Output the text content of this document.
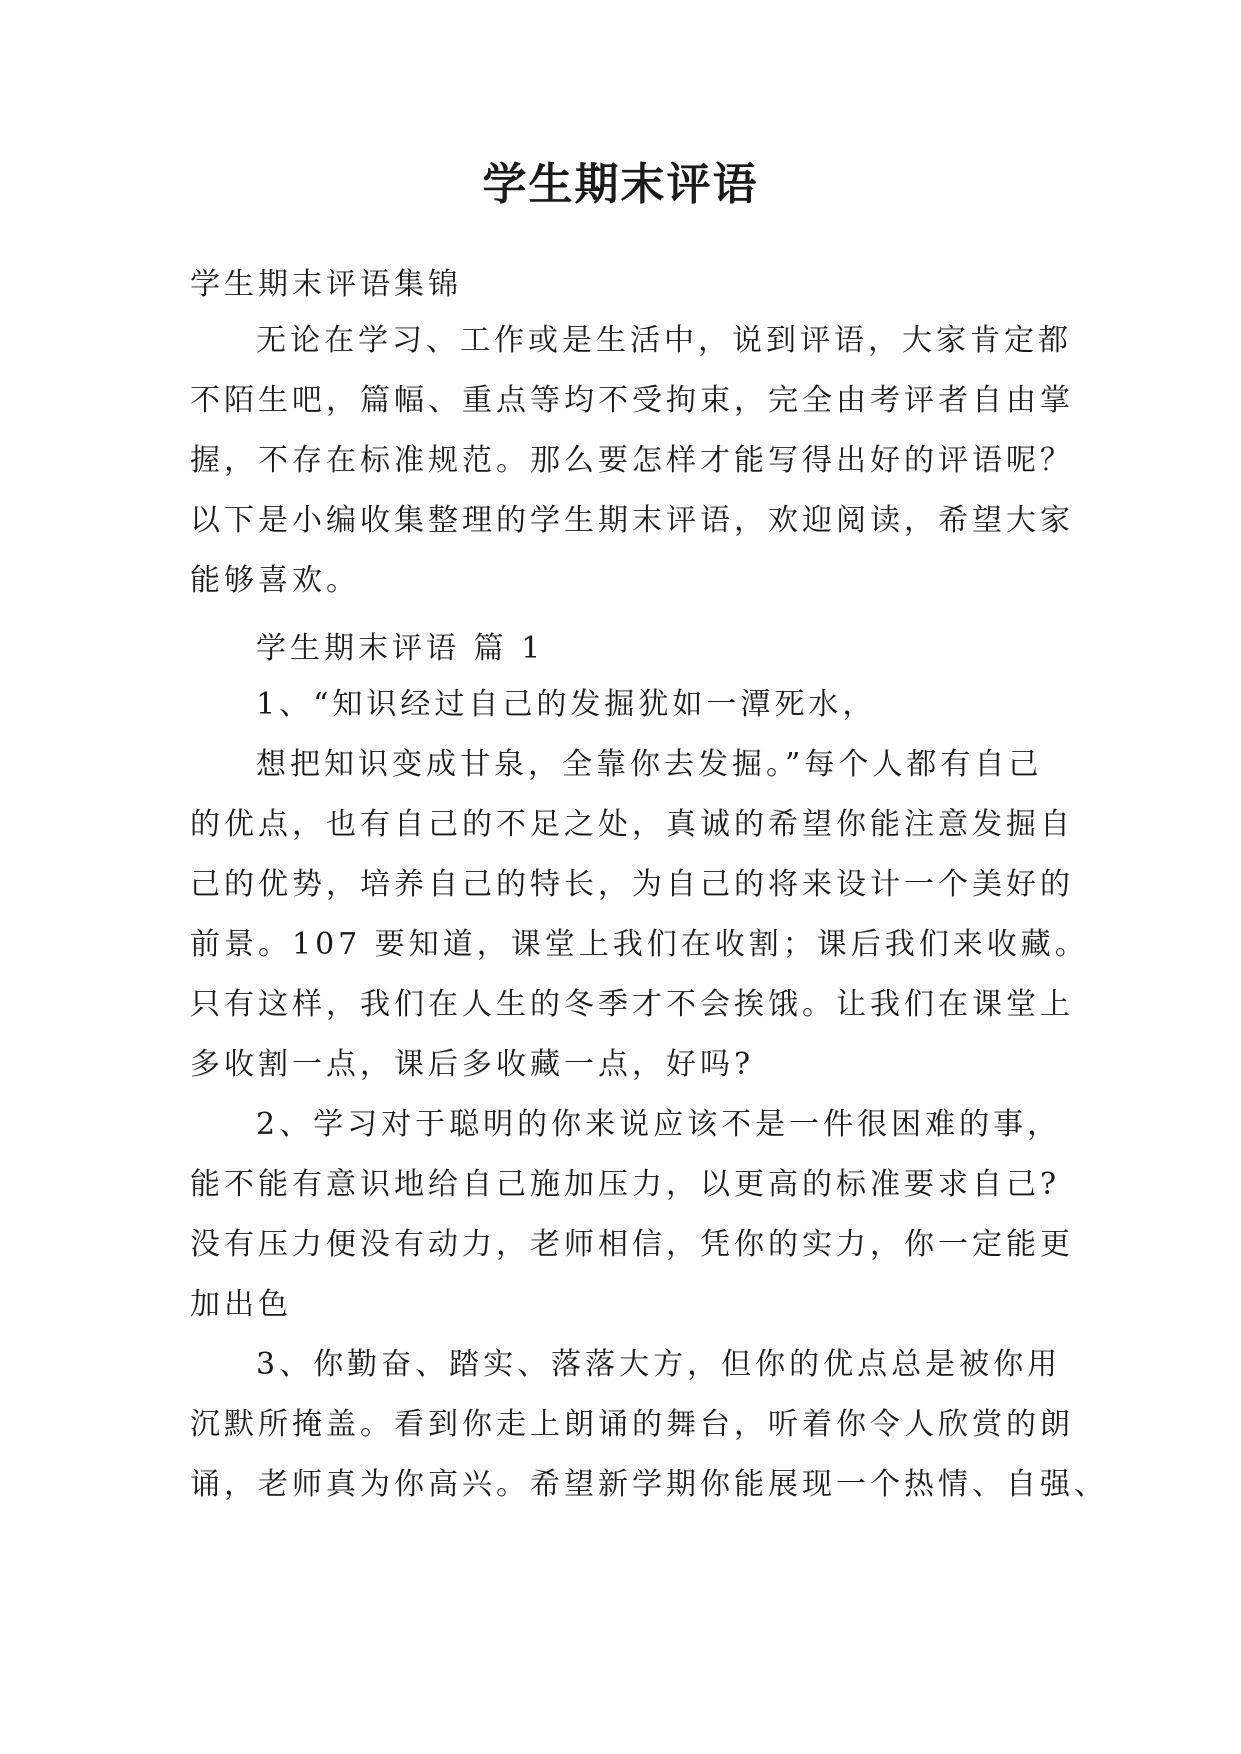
学生期末评语
学生期末评语集锦
无论在学习、工作或是生活中，说到评语，大家肯定都
不陌生吧，篇幅、重点等均不受拘束，完全由考评者自由掌
握，不存在标准规范。那么要怎样才能写得出好的评语呢？
以下是小编收集整理的学生期末评语，欢迎阅读，希望大家
能够喜欢。
学生期末评语 篇 1
1、“知识经过自己的发掘犹如一潭死水，
想把知识变成甘泉，全靠你去发掘。”每个人都有自己
的优点，也有自己的不足之处，真诚的希望你能注意发掘自
己的优势，培养自己的特长，为自己的将来设计一个美好的
前景。107 要知道，课堂上我们在收割；课后我们来收藏。
只有这样，我们在人生的冬季才不会挨饿。让我们在课堂上
多收割一点，课后多收藏一点，好吗?
2、学习对于聪明的你来说应该不是一件很困难的事，
能不能有意识地给自己施加压力，以更高的标准要求自己?
没有压力便没有动力，老师相信，凭你的实力，你一定能更
加出色
3、你勤奋、踏实、落落大方，但你的优点总是被你用
沉默所掩盖。看到你走上朗诵的舞台，听着你令人欣赏的朗
诵，老师真为你高兴。希望新学期你能展现一个热情、自强、
